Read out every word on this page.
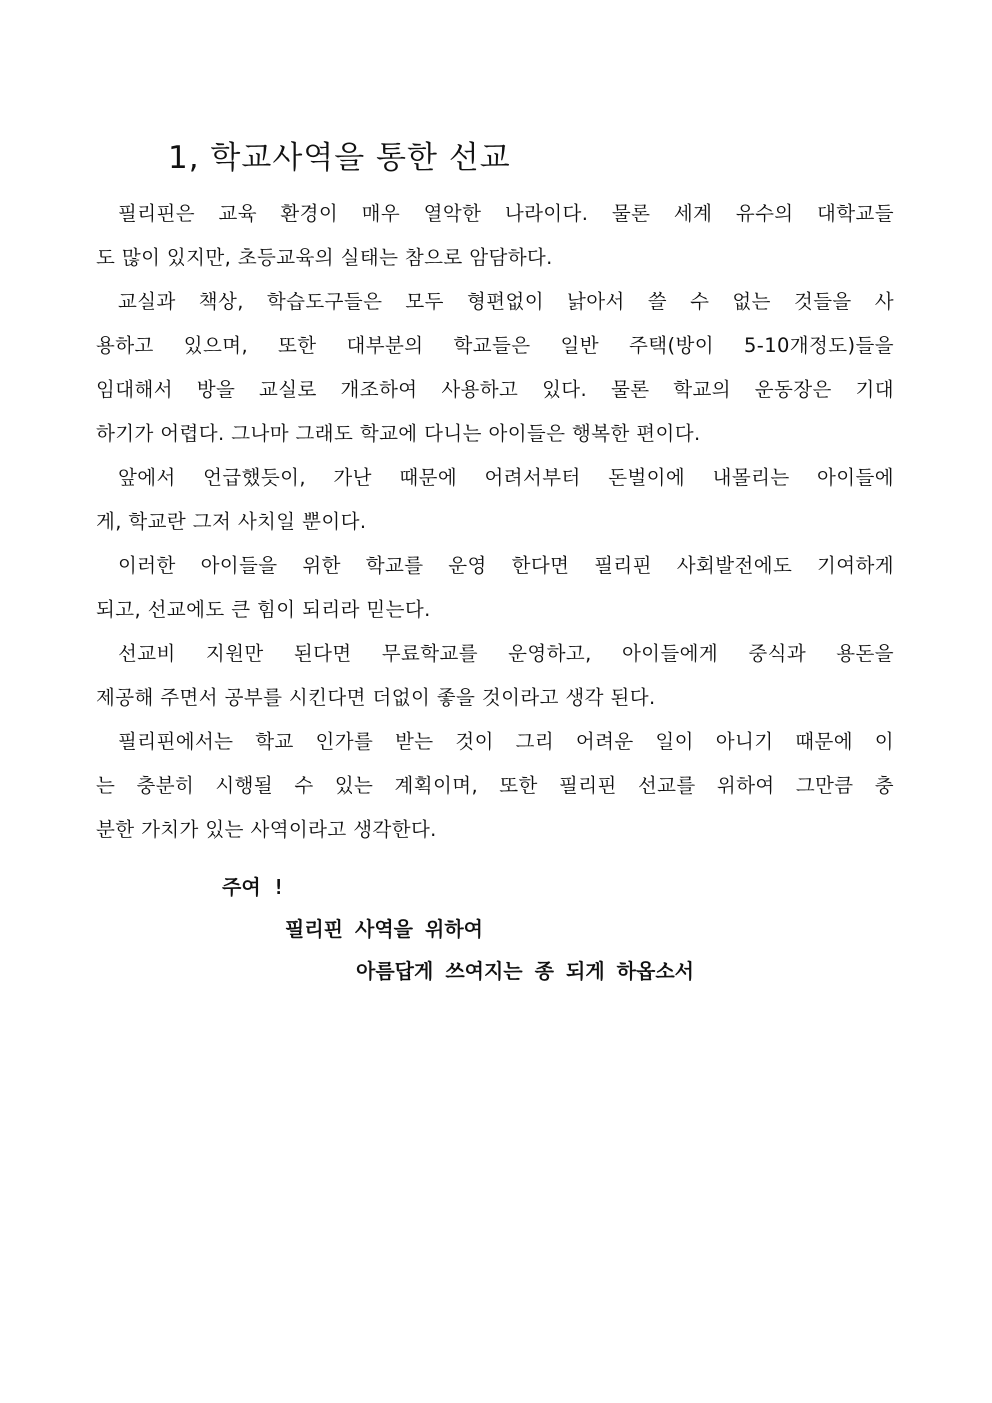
1, 학교사역을 통한 선교
필리핀은 교육 환경이 매우 열악한 나라이다. 물론 세계 유수의 대학교들
도 많이 있지만, 초등교육의 실태는 참으로 암담하다.
교실과 책상, 학습도구들은 모두 형편없이 낡아서 쓸 수 없는 것들을 사
용하고 있으며, 또한 대부분의 학교들은 일반 주택(방이 5-10개정도)들을
임대해서 방을 교실로 개조하여 사용하고 있다. 물론 학교의 운동장은 기대
하기가 어렵다. 그나마 그래도 학교에 다니는 아이들은 행복한 편이다.
앞에서 언급했듯이, 가난 때문에 어려서부터 돈벌이에 내몰리는 아이들에
게, 학교란 그저 사치일 뿐이다.
이러한 아이들을 위한 학교를 운영 한다면 필리핀 사회발전에도 기여하게
되고, 선교에도 큰 힘이 되리라 믿는다.
선교비 지원만 된다면 무료학교를 운영하고, 아이들에게 중식과 용돈을
제공해 주면서 공부를 시킨다면 더없이 좋을 것이라고 생각 된다.
필리핀에서는 학교 인가를 받는 것이 그리 어려운 일이 아니기 때문에 이
는 충분히 시행될 수 있는 계획이며, 또한 필리핀 선교를 위하여 그만큼 충
분한 가치가 있는 사역이라고 생각한다.
주여 !
필리핀 사역을 위하여
아름답게 쓰여지는 종 되게 하옵소서
